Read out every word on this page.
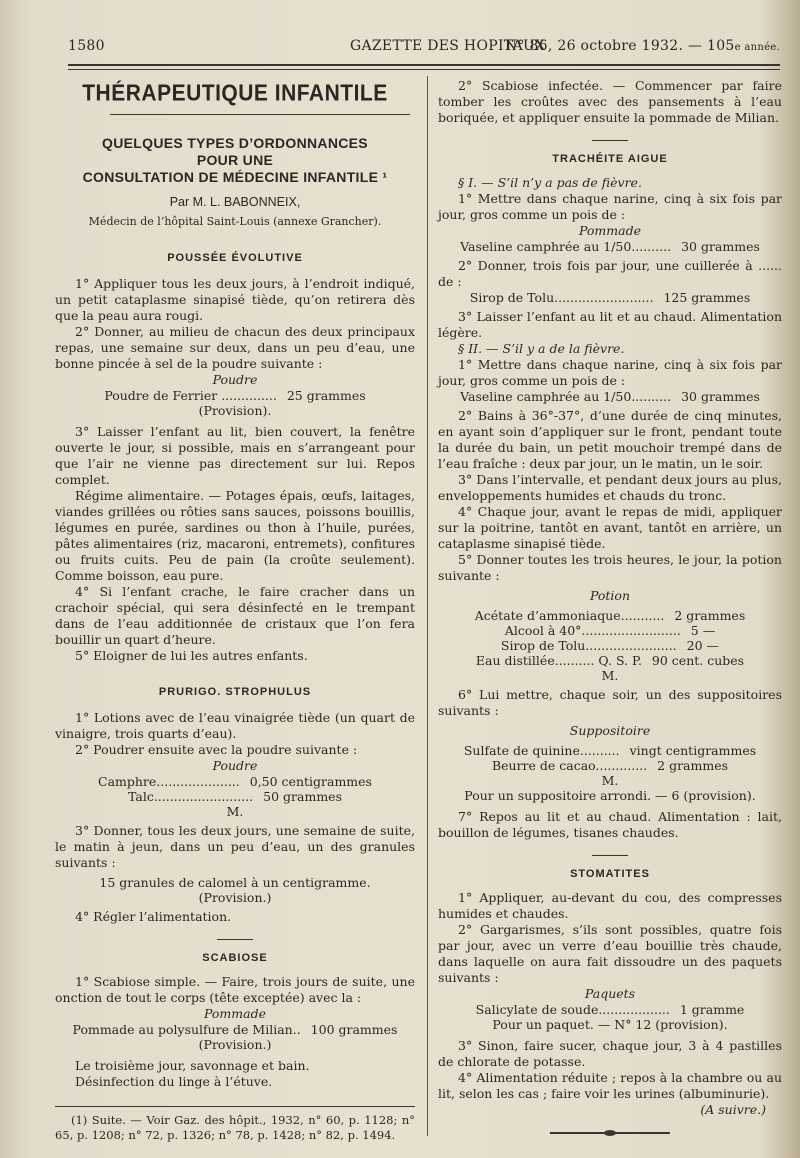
1580	GAZETTE DES HOPITAUX
N° 86, 26 octobre 1932. — 105e année.
THÉRAPEUTIQUE INFANTILE
QUELQUES TYPES D’ORDONNANCES
POUR UNE
CONSULTATION DE MÉDECINE INFANTILE ¹
Par M. L. BABONNEIX,
Médecin de l’hôpital Saint-Louis (annexe Grancher).
POUSSÉE ÉVOLUTIVE

1° Appliquer tous les deux jours, à l’endroit indiqué, un petit cataplasme sinapisé tiède, qu’on retirera dès que la peau aura rougi.

2° Donner, au milieu de chacun des deux principaux repas, une semaine sur deux, dans un peu d’eau, une bonne pincée à sel de la poudre suivante :

Poudre
Poudre de Ferrier .............. 25 grammes
(Provision).

3° Laisser l’enfant au lit, bien couvert, la fenêtre ouverte le jour, si possible, mais en s’arrangeant pour que l’air ne vienne pas directement sur lui. Repos complet.

Régime alimentaire. — Potages épais, œufs, laitages, viandes grillées ou rôties sans sauces, poissons bouillis, légumes en purée, sardines ou thon à l’huile, purées, pâtes alimentaires (riz, macaroni, entremets), confitures ou fruits cuits. Peu de pain (la croûte seulement). Comme boisson, eau pure.

4° Si l’enfant crache, le faire cracher dans un crachoir spécial, qui sera désinfecté en le trempant dans de l’eau additionnée de cristaux que l’on fera bouillir un quart d’heure.

5° Eloigner de lui les autres enfants.

PRURIGO. STROPHULUS

1° Lotions avec de l’eau vinaigrée tiède (un quart de vinaigre, trois quarts d’eau).

2° Poudrer ensuite avec la poudre suivante :

Poudre
Camphre..................... 0,50 centigrammes
Talc......................... 50 grammes
M.

3° Donner, tous les deux jours, une semaine de suite, le matin à jeun, dans un peu d’eau, un des granules suivants :

15 granules de calomel à un centigramme.
(Provision.)

4° Régler l’alimentation.

SCABIOSE

1° Scabiose simple. — Faire, trois jours de suite, une onction de tout le corps (tête exceptée) avec la :

Pommade
Pommade au polysulfure de Milian.. 100 grammes
(Provision.)

Le troisième jour, savonnage et bain.

Désinfection du linge à l’étuve.

(1) Suite. — Voir Gaz. des hôpit., 1932, n° 60, p. 1128; n° 65, p. 1208; n° 72, p. 1326; n° 78, p. 1428; n° 82, p. 1494.

2° Scabiose infectée. — Commencer par faire tomber les croûtes avec des pansements à l’eau boriquée, et appliquer ensuite la pommade de Milian.

TRACHÉITE AIGUE

§ I. — S’il n’y a pas de fièvre.

1° Mettre dans chaque narine, cinq à six fois par jour, gros comme un pois de :

Pommade
Vaseline camphrée au 1/50.......... 30 grammes

2° Donner, trois fois par jour, une cuillerée à ...... de :

Sirop de Tolu......................... 125 grammes

3° Laisser l’enfant au lit et au chaud. Alimentation légère.

§ II. — S’il y a de la fièvre.

1° Mettre dans chaque narine, cinq à six fois par jour, gros comme un pois de :

Vaseline camphrée au 1/50.......... 30 grammes

2° Bains à 36°-37°, d’une durée de cinq minutes, en ayant soin d’appliquer sur le front, pendant toute la durée du bain, un petit mouchoir trempé dans de l’eau fraîche : deux par jour, un le matin, un le soir.

3° Dans l’intervalle, et pendant deux jours au plus, enveloppements humides et chauds du tronc.

4° Chaque jour, avant le repas de midi, appliquer sur la poitrine, tantôt en avant, tantôt en arrière, un cataplasme sinapisé tiède.

5° Donner toutes les trois heures, le jour, la potion suivante :

Potion
Acétate d’ammoniaque........... 2 grammes
Alcool à 40°......................... 5 —
Sirop de Tolu....................... 20 —
Eau distillée.......... Q. S. P. 90 cent. cubes
M.

6° Lui mettre, chaque soir, un des suppositoires suivants :

Suppositoire
Sulfate de quinine.......... vingt centigrammes
Beurre de cacao............. 2 grammes
M.
Pour un suppositoire arrondi. — 6 (provision).

7° Repos au lit et au chaud. Alimentation : lait, bouillon de légumes, tisanes chaudes.

STOMATITES

1° Appliquer, au-devant du cou, des compresses humides et chaudes.

2° Gargarismes, s’ils sont possibles, quatre fois par jour, avec un verre d’eau bouillie très chaude, dans laquelle on aura fait dissoudre un des paquets suivants :

Paquets
Salicylate de soude.................. 1 gramme
Pour un paquet. — N° 12 (provision).

3° Sinon, faire sucer, chaque jour, 3 à 4 pastilles de chlorate de potasse.

4° Alimentation réduite ; repos à la chambre ou au lit, selon les cas ; faire voir les urines (albuminurie).

(A suivre.)
